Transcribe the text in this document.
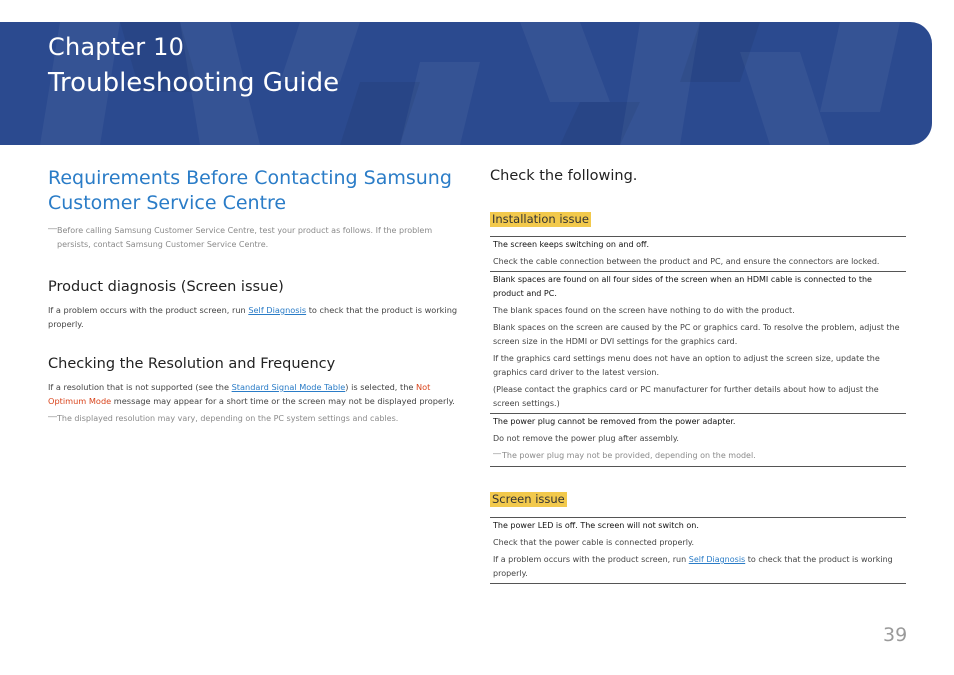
Chapter 10
Troubleshooting Guide
Requirements Before Contacting Samsung Customer Service Centre
― Before calling Samsung Customer Service Centre, test your product as follows. If the problem persists, contact Samsung Customer Service Centre.
Product diagnosis (Screen issue)
If a problem occurs with the product screen, run Self Diagnosis to check that the product is working properly.
Checking the Resolution and Frequency
If a resolution that is not supported (see the Standard Signal Mode Table) is selected, the Not Optimum Mode message may appear for a short time or the screen may not be displayed properly.
― The displayed resolution may vary, depending on the PC system settings and cables.
Check the following.
Installation issue
The screen keeps switching on and off.
Check the cable connection between the product and PC, and ensure the connectors are locked.
Blank spaces are found on all four sides of the screen when an HDMI cable is connected to the product and PC.
The blank spaces found on the screen have nothing to do with the product.
Blank spaces on the screen are caused by the PC or graphics card. To resolve the problem, adjust the screen size in the HDMI or DVI settings for the graphics card.
If the graphics card settings menu does not have an option to adjust the screen size, update the graphics card driver to the latest version.
(Please contact the graphics card or PC manufacturer for further details about how to adjust the screen settings.)
The power plug cannot be removed from the power adapter.
Do not remove the power plug after assembly.
― The power plug may not be provided, depending on the model.
Screen issue
The power LED is off. The screen will not switch on.
Check that the power cable is connected properly.
If a problem occurs with the product screen, run Self Diagnosis to check that the product is working properly.
39
